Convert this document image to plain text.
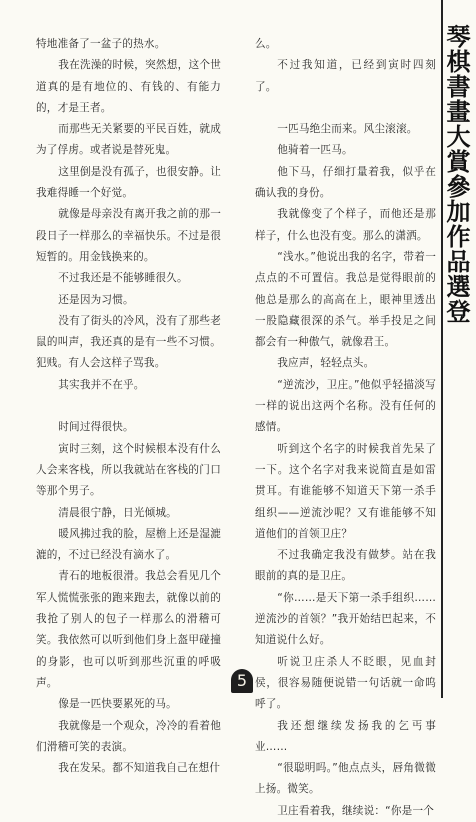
特地准备了一盆子的热水。

我在洗澡的时候，突然想，这个世道真的是有地位的、有钱的、有能力的，才是王者。

而那些无关紧要的平民百姓，就成为了俘虏。或者说是替死鬼。

这里倒是没有孤子，也很安静。让我难得睡一个好觉。

就像是母亲没有离开我之前的那一段日子一样那么的幸福快乐。不过是很短暂的。用金钱换来的。

不过我还是不能够睡很久。

还是因为习惯。

没有了街头的冷风，没有了那些老鼠的叫声，我还真的是有一些不习惯。犯贱。有人会这样子骂我。

其实我并不在乎。

时间过得很快。

寅时三刻，这个时候根本没有什么人会来客栈，所以我就站在客栈的门口等那个男子。

清晨很宁静，日光倾城。

暖风拂过我的脸，屋檐上还是湿漉漉的，不过已经没有滴水了。

青石的地板很滑。我总会看见几个军人慌慌张张的跑来跑去，就像以前的我抢了别人的包子一样那么的滑稽可笑。我依然可以听到他们身上盔甲碰撞的身影，也可以听到那些沉重的呼吸声。

像是一匹快要累死的马。

我就像是一个观众，冷冷的看着他们滑稽可笑的表演。

我在发呆。都不知道我自己在想什

么。

不过我知道，已经到寅时四刻了。

一匹马绝尘而来。风尘滚滚。

他骑着一匹马。

他下马，仔细打量着我，似乎在确认我的身份。

我就像变了个样子，而他还是那样子，什么也没有变。那么的潇洒。

“浅水。”他说出我的名字，带着一点点的不可置信。我总是觉得眼前的他总是那么的高高在上，眼神里透出一股隐藏很深的杀气。举手投足之间都会有一种傲气，就像君王。

我应声，轻轻点头。

“逆流沙，卫庄。”他似乎轻描淡写一样的说出这两个名称。没有任何的感情。

听到这个名字的时候我首先呆了一下。这个名字对我来说简直是如雷贯耳。有谁能够不知道天下第一杀手组织——逆流沙呢？又有谁能够不知道他们的首领卫庄？

不过我确定我没有做梦。站在我眼前的真的是卫庄。

“你……是天下第一杀手组织……逆流沙的首领？”我开始结巴起来，不知道说什么好。

听说卫庄杀人不眨眼，见血封侯，很容易随便说错一句话就一命呜呼了。

我还想继续发扬我的乞丐事业……

“很聪明吗。”他点点头，唇角微微上扬。微笑。

卫庄看着我，继续说：“你是一个

琴棋書畫大賞參加作品選登
5
